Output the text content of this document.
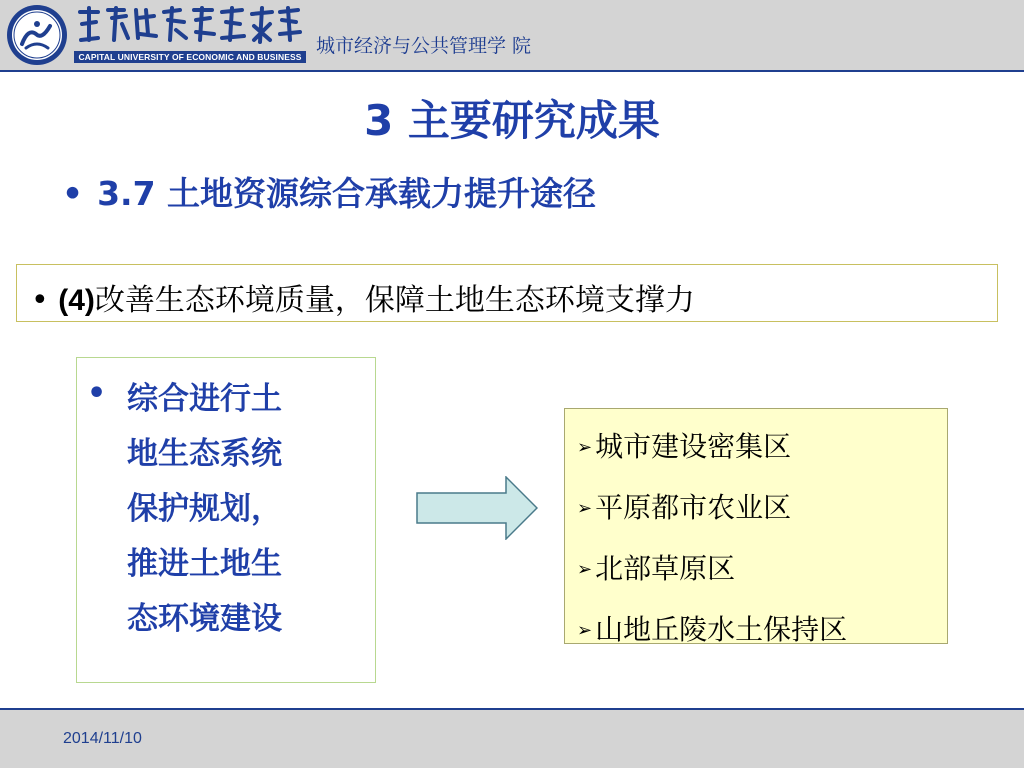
CAPITAL UNIVERSITY OF ECONOMIC AND BUSINESS 城市经济与公共管理学 院
3 主要研究成果
• 3.7 土地资源综合承载力提升途径
• (4)改善生态环境质量，保障土地生态环境支撑力
• 综合进行土
地生态系统
保护规划，
推进土地生
态环境建设
➢ 城市建设密集区
➢ 平原都市农业区
➢ 北部草原区
➢ 山地丘陵水土保持区
2014/11/10
